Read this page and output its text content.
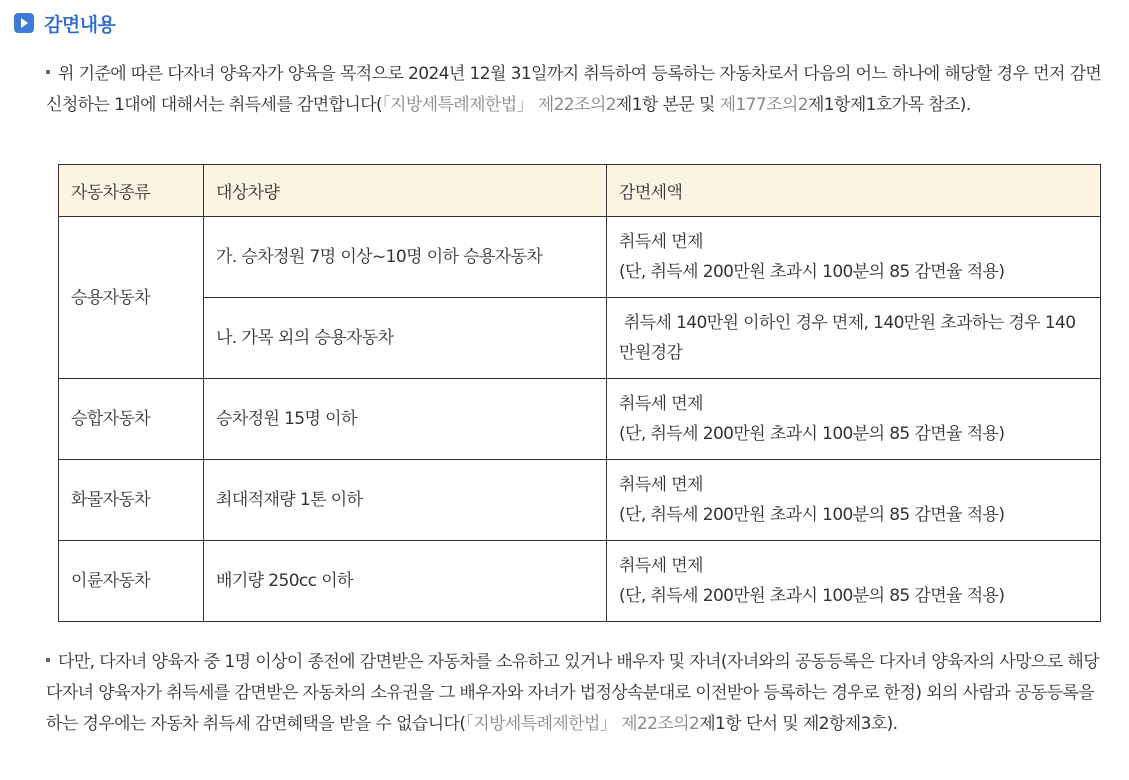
감면내용
위 기준에 따른 다자녀 양육자가 양육을 목적으로 2024년 12월 31일까지 취득하여 등록하는 자동차로서 다음의 어느 하나에 해당할 경우 먼저 감면 신청하는 1대에 대해서는 취득세를 감면합니다(「지방세특례제한법」 제22조의2제1항 본문 및 제177조의2제1항제1호가목 참조).
자동차종류	대상차량	감면세액
승용자동차	가. 승차정원 7명 이상~10명 이하 승용자동차	취득세 면제
(단, 취득세 200만원 초과시 100분의 85 감면율 적용)

	나. 가목 외의 승용자동차	취득세 140만원 이하인 경우 면제, 140만원 초과하는 경우 140만원경감

승합자동차	승차정원 15명 이하	취득세 면제
(단, 취득세 200만원 초과시 100분의 85 감면율 적용)

화물자동차	최대적재량 1톤 이하	취득세 면제
(단, 취득세 200만원 초과시 100분의 85 감면율 적용)

이륜자동차	배기량 250cc 이하	취득세 면제
(단, 취득세 200만원 초과시 100분의 85 감면율 적용)
다만, 다자녀 양육자 중 1명 이상이 종전에 감면받은 자동차를 소유하고 있거나 배우자 및 자녀(자녀와의 공동등록은 다자녀 양육자의 사망으로 해당 다자녀 양육자가 취득세를 감면받은 자동차의 소유권을 그 배우자와 자녀가 법정상속분대로 이전받아 등록하는 경우로 한정) 외의 사람과 공동등록을 하는 경우에는 자동차 취득세 감면혜택을 받을 수 없습니다(「지방세특례제한법」 제22조의2제1항 단서 및 제2항제3호).
